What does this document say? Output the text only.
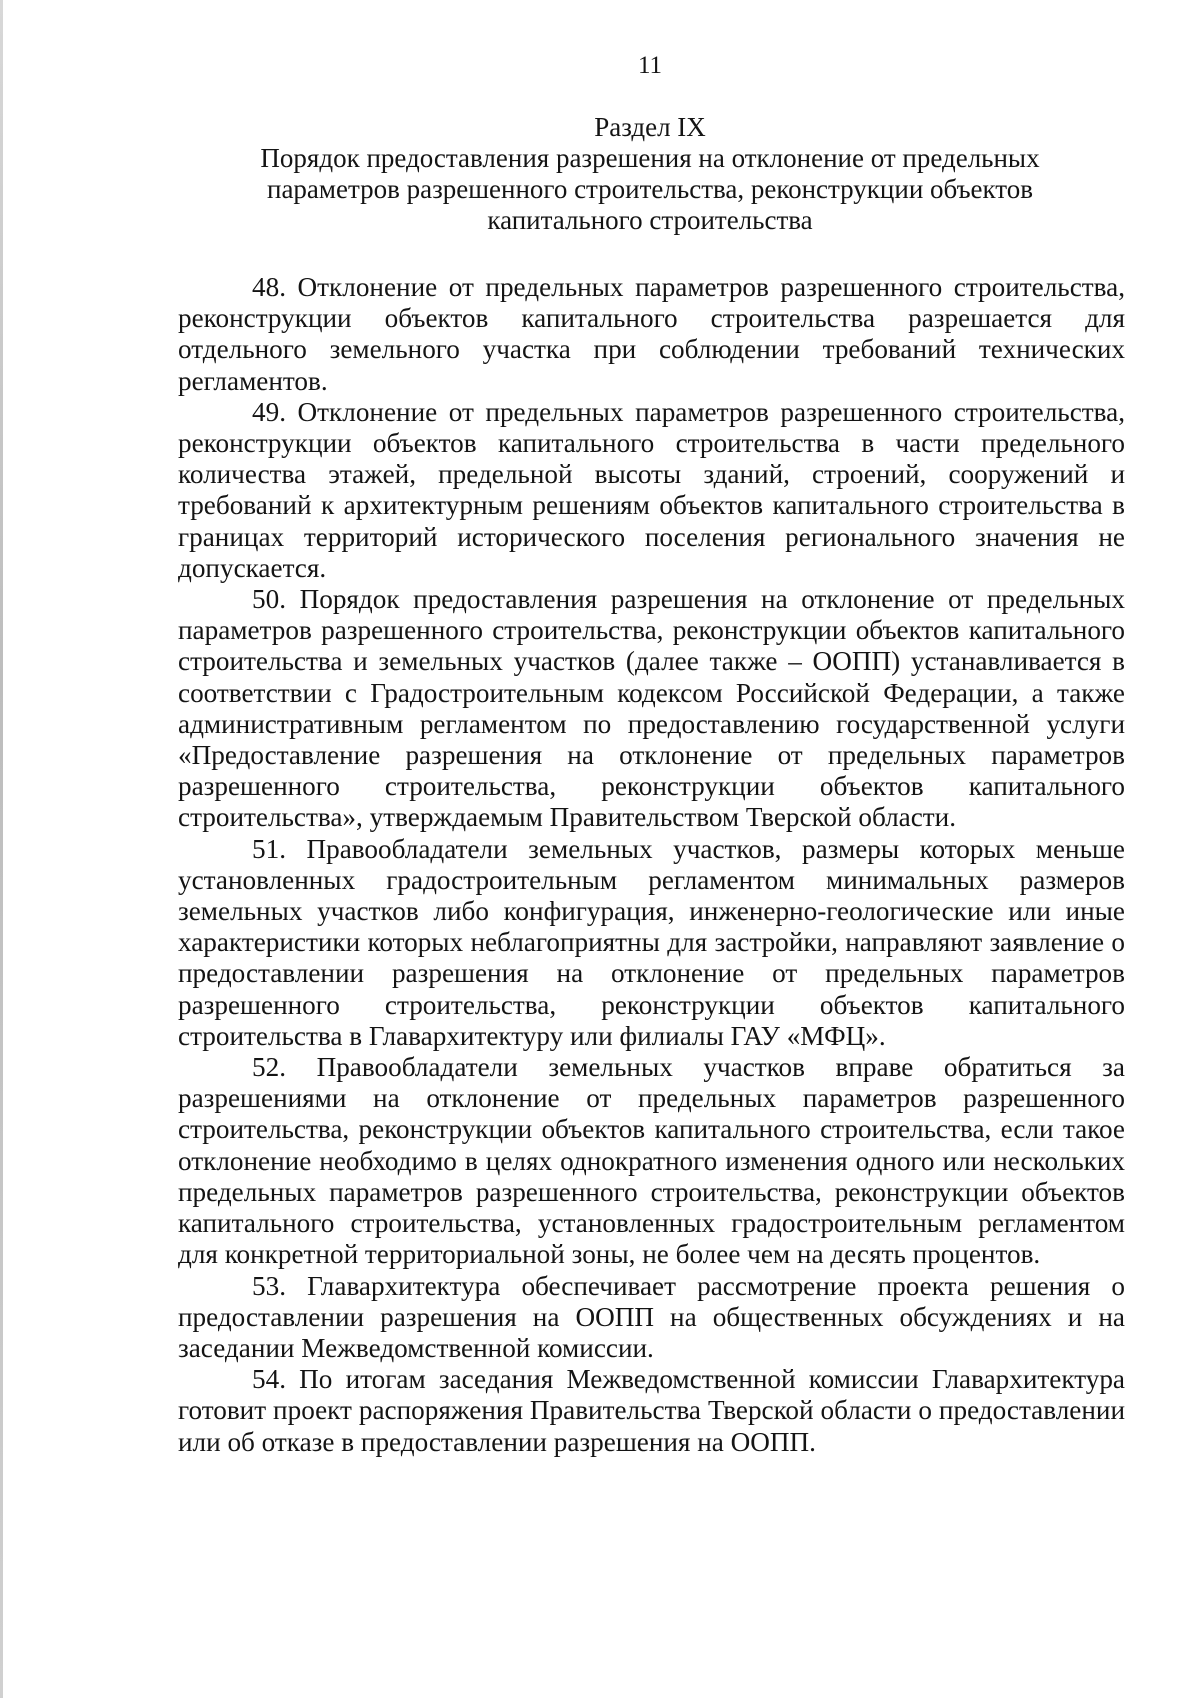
11
Раздел IX
Порядок предоставления разрешения на отклонение от предельных параметров разрешенного строительства, реконструкции объектов капитального строительства

48. Отклонение от предельных параметров разрешенного строительства, реконструкции объектов капитального строительства разрешается для отдельного земельного участка при соблюдении требований технических регламентов.

49. Отклонение от предельных параметров разрешенного строительства, реконструкции объектов капитального строительства в части предельного количества этажей, предельной высоты зданий, строений, сооружений и требований к архитектурным решениям объектов капитального строительства в границах территорий исторического поселения регионального значения не допускается.

50. Порядок предоставления разрешения на отклонение от предельных параметров разрешенного строительства, реконструкции объектов капитального строительства и земельных участков (далее также – ООПП) устанавливается в соответствии с Градостроительным кодексом Российской Федерации, а также административным регламентом по предоставлению государственной услуги «Предоставление разрешения на отклонение от предельных параметров разрешенного строительства, реконструкции объектов капитального строительства», утверждаемым Правительством Тверской области.

51. Правообладатели земельных участков, размеры которых меньше установленных градостроительным регламентом минимальных размеров земельных участков либо конфигурация, инженерно-геологические или иные характеристики которых неблагоприятны для застройки, направляют заявление о предоставлении разрешения на отклонение от предельных параметров разрешенного строительства, реконструкции объектов капитального строительства в Главархитектуру или филиалы ГАУ «МФЦ».

52. Правообладатели земельных участков вправе обратиться за разрешениями на отклонение от предельных параметров разрешенного строительства, реконструкции объектов капитального строительства, если такое отклонение необходимо в целях однократного изменения одного или нескольких предельных параметров разрешенного строительства, реконструкции объектов капитального строительства, установленных градостроительным регламентом для конкретной территориальной зоны, не более чем на десять процентов.

53. Главархитектура обеспечивает рассмотрение проекта решения о предоставлении разрешения на ООПП на общественных обсуждениях и на заседании Межведомственной комиссии.

54. По итогам заседания Межведомственной комиссии Главархитектура готовит проект распоряжения Правительства Тверской области о предоставлении или об отказе в предоставлении разрешения на ООПП.
